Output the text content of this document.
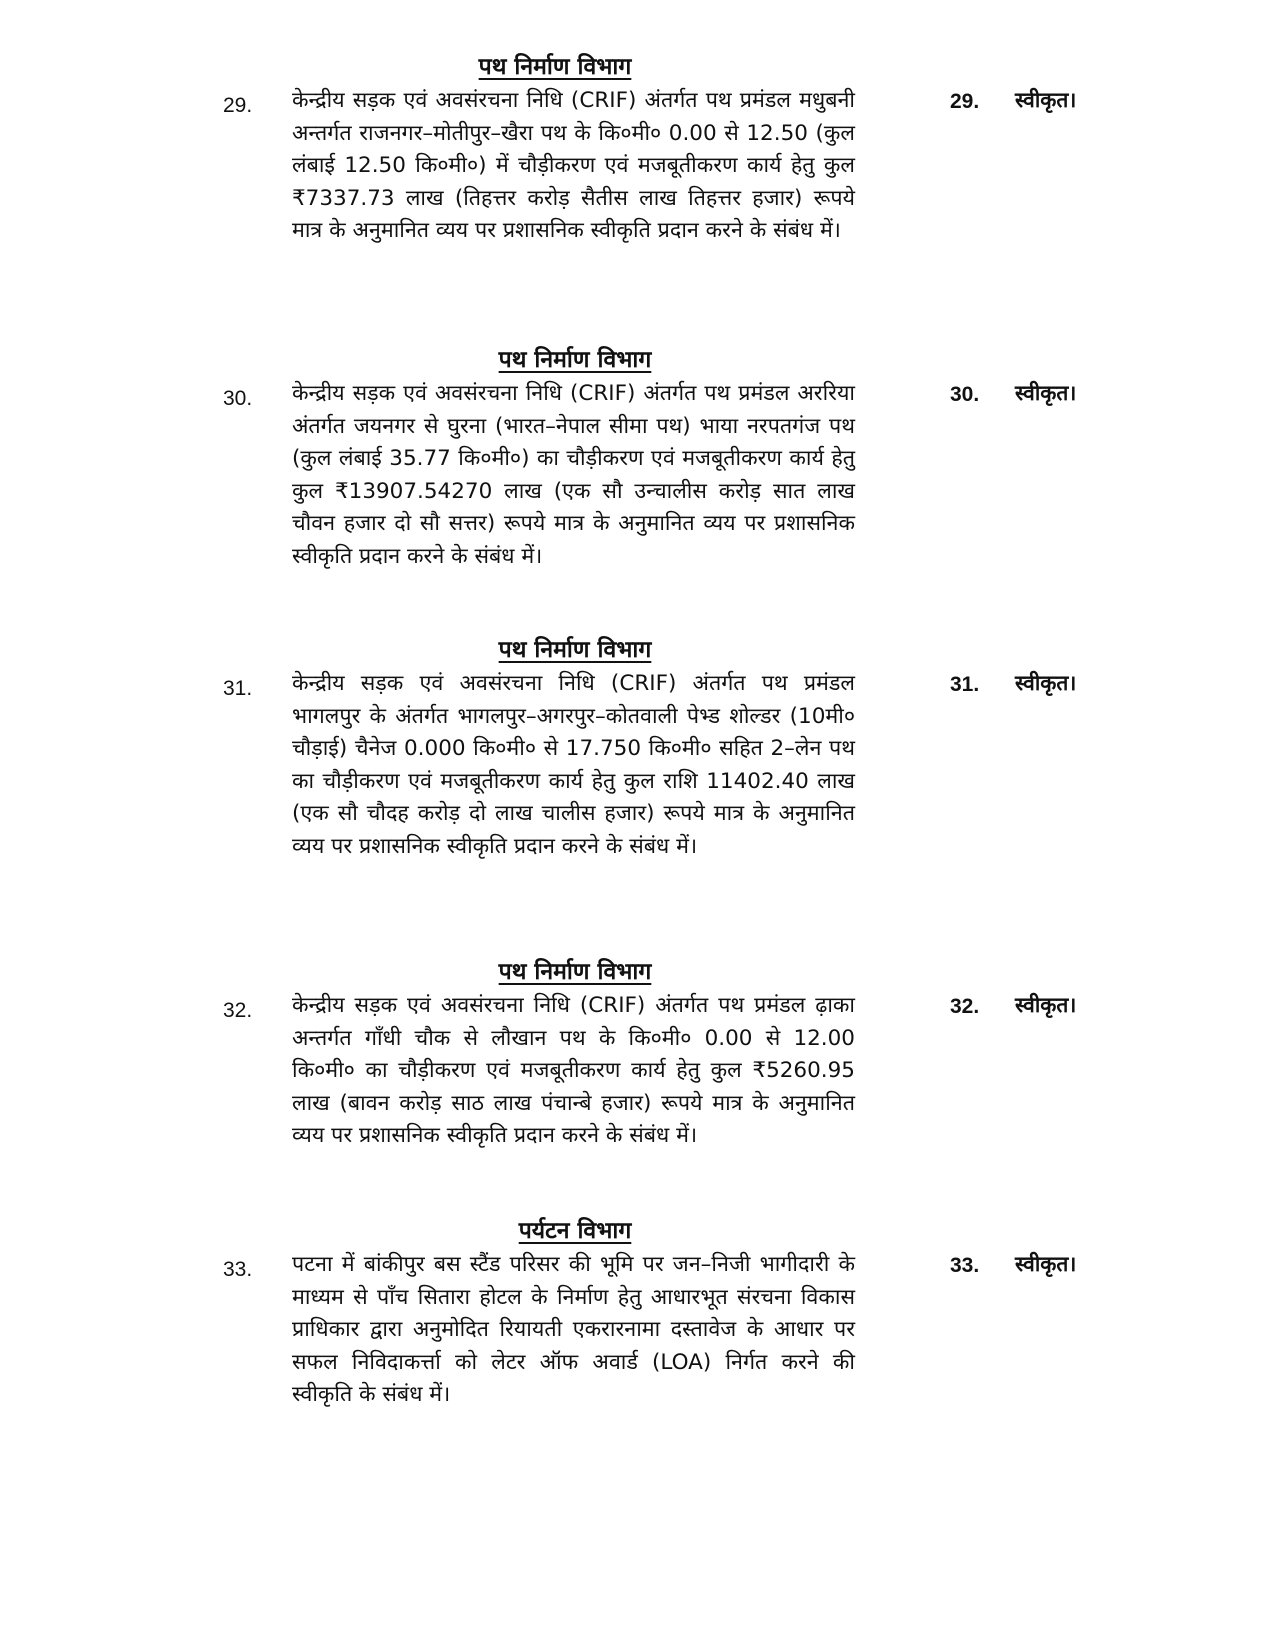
पथ निर्माण विभाग
29. केन्द्रीय सड़क एवं अवसंरचना निधि (CRIF) अंतर्गत पथ प्रमंडल मधुबनी अन्तर्गत राजनगर–मोतीपुर–खैरा पथ के कि०मी० 0.00 से 12.50 (कुल लंबाई 12.50 कि०मी०) में चौड़ीकरण एवं मजबूतीकरण कार्य हेतु कुल ₹7337.73 लाख (तिहत्तर करोड़ सैतीस लाख तिहत्तर हजार) रूपये मात्र के अनुमानित व्यय पर प्रशासनिक स्वीकृति प्रदान करने के संबंध में।
29. स्वीकृत।
पथ निर्माण विभाग
30. केन्द्रीय सड़क एवं अवसंरचना निधि (CRIF) अंतर्गत पथ प्रमंडल अररिया अंतर्गत जयनगर से घुरना (भारत–नेपाल सीमा पथ) भाया नरपतगंज पथ (कुल लंबाई 35.77 कि०मी०) का चौड़ीकरण एवं मजबूतीकरण कार्य हेतु कुल ₹13907.54270 लाख (एक सौ उन्चालीस करोड़ सात लाख चौवन हजार दो सौ सत्तर) रूपये मात्र के अनुमानित व्यय पर प्रशासनिक स्वीकृति प्रदान करने के संबंध में।
30. स्वीकृत।
पथ निर्माण विभाग
31. केन्द्रीय सड़क एवं अवसंरचना निधि (CRIF) अंतर्गत पथ प्रमंडल भागलपुर के अंतर्गत भागलपुर–अगरपुर–कोतवाली पेभ्ड शोल्डर (10मी० चौड़ाई) चैनेज 0.000 कि०मी० से 17.750 कि०मी० सहित 2–लेन पथ का चौड़ीकरण एवं मजबूतीकरण कार्य हेतु कुल राशि 11402.40 लाख (एक सौ चौदह करोड़ दो लाख चालीस हजार) रूपये मात्र के अनुमानित व्यय पर प्रशासनिक स्वीकृति प्रदान करने के संबंध में।
31. स्वीकृत।
पथ निर्माण विभाग
32. केन्द्रीय सड़क एवं अवसंरचना निधि (CRIF) अंतर्गत पथ प्रमंडल ढ़ाका अन्तर्गत गाँधी चौक से लौखान पथ के कि०मी० 0.00 से 12.00 कि०मी० का चौड़ीकरण एवं मजबूतीकरण कार्य हेतु कुल ₹5260.95 लाख (बावन करोड़ साठ लाख पंचान्बे हजार) रूपये मात्र के अनुमानित व्यय पर प्रशासनिक स्वीकृति प्रदान करने के संबंध में।
32. स्वीकृत।
पर्यटन विभाग
33. पटना में बांकीपुर बस स्टैंड परिसर की भूमि पर जन–निजी भागीदारी के माध्यम से पाँच सितारा होटल के निर्माण हेतु आधारभूत संरचना विकास प्राधिकार द्वारा अनुमोदित रियायती एकरारनामा दस्तावेज के आधार पर सफल निविदाकर्त्ता को लेटर ऑफ अवार्ड (LOA) निर्गत करने की स्वीकृति के संबंध में।
33. स्वीकृत।
